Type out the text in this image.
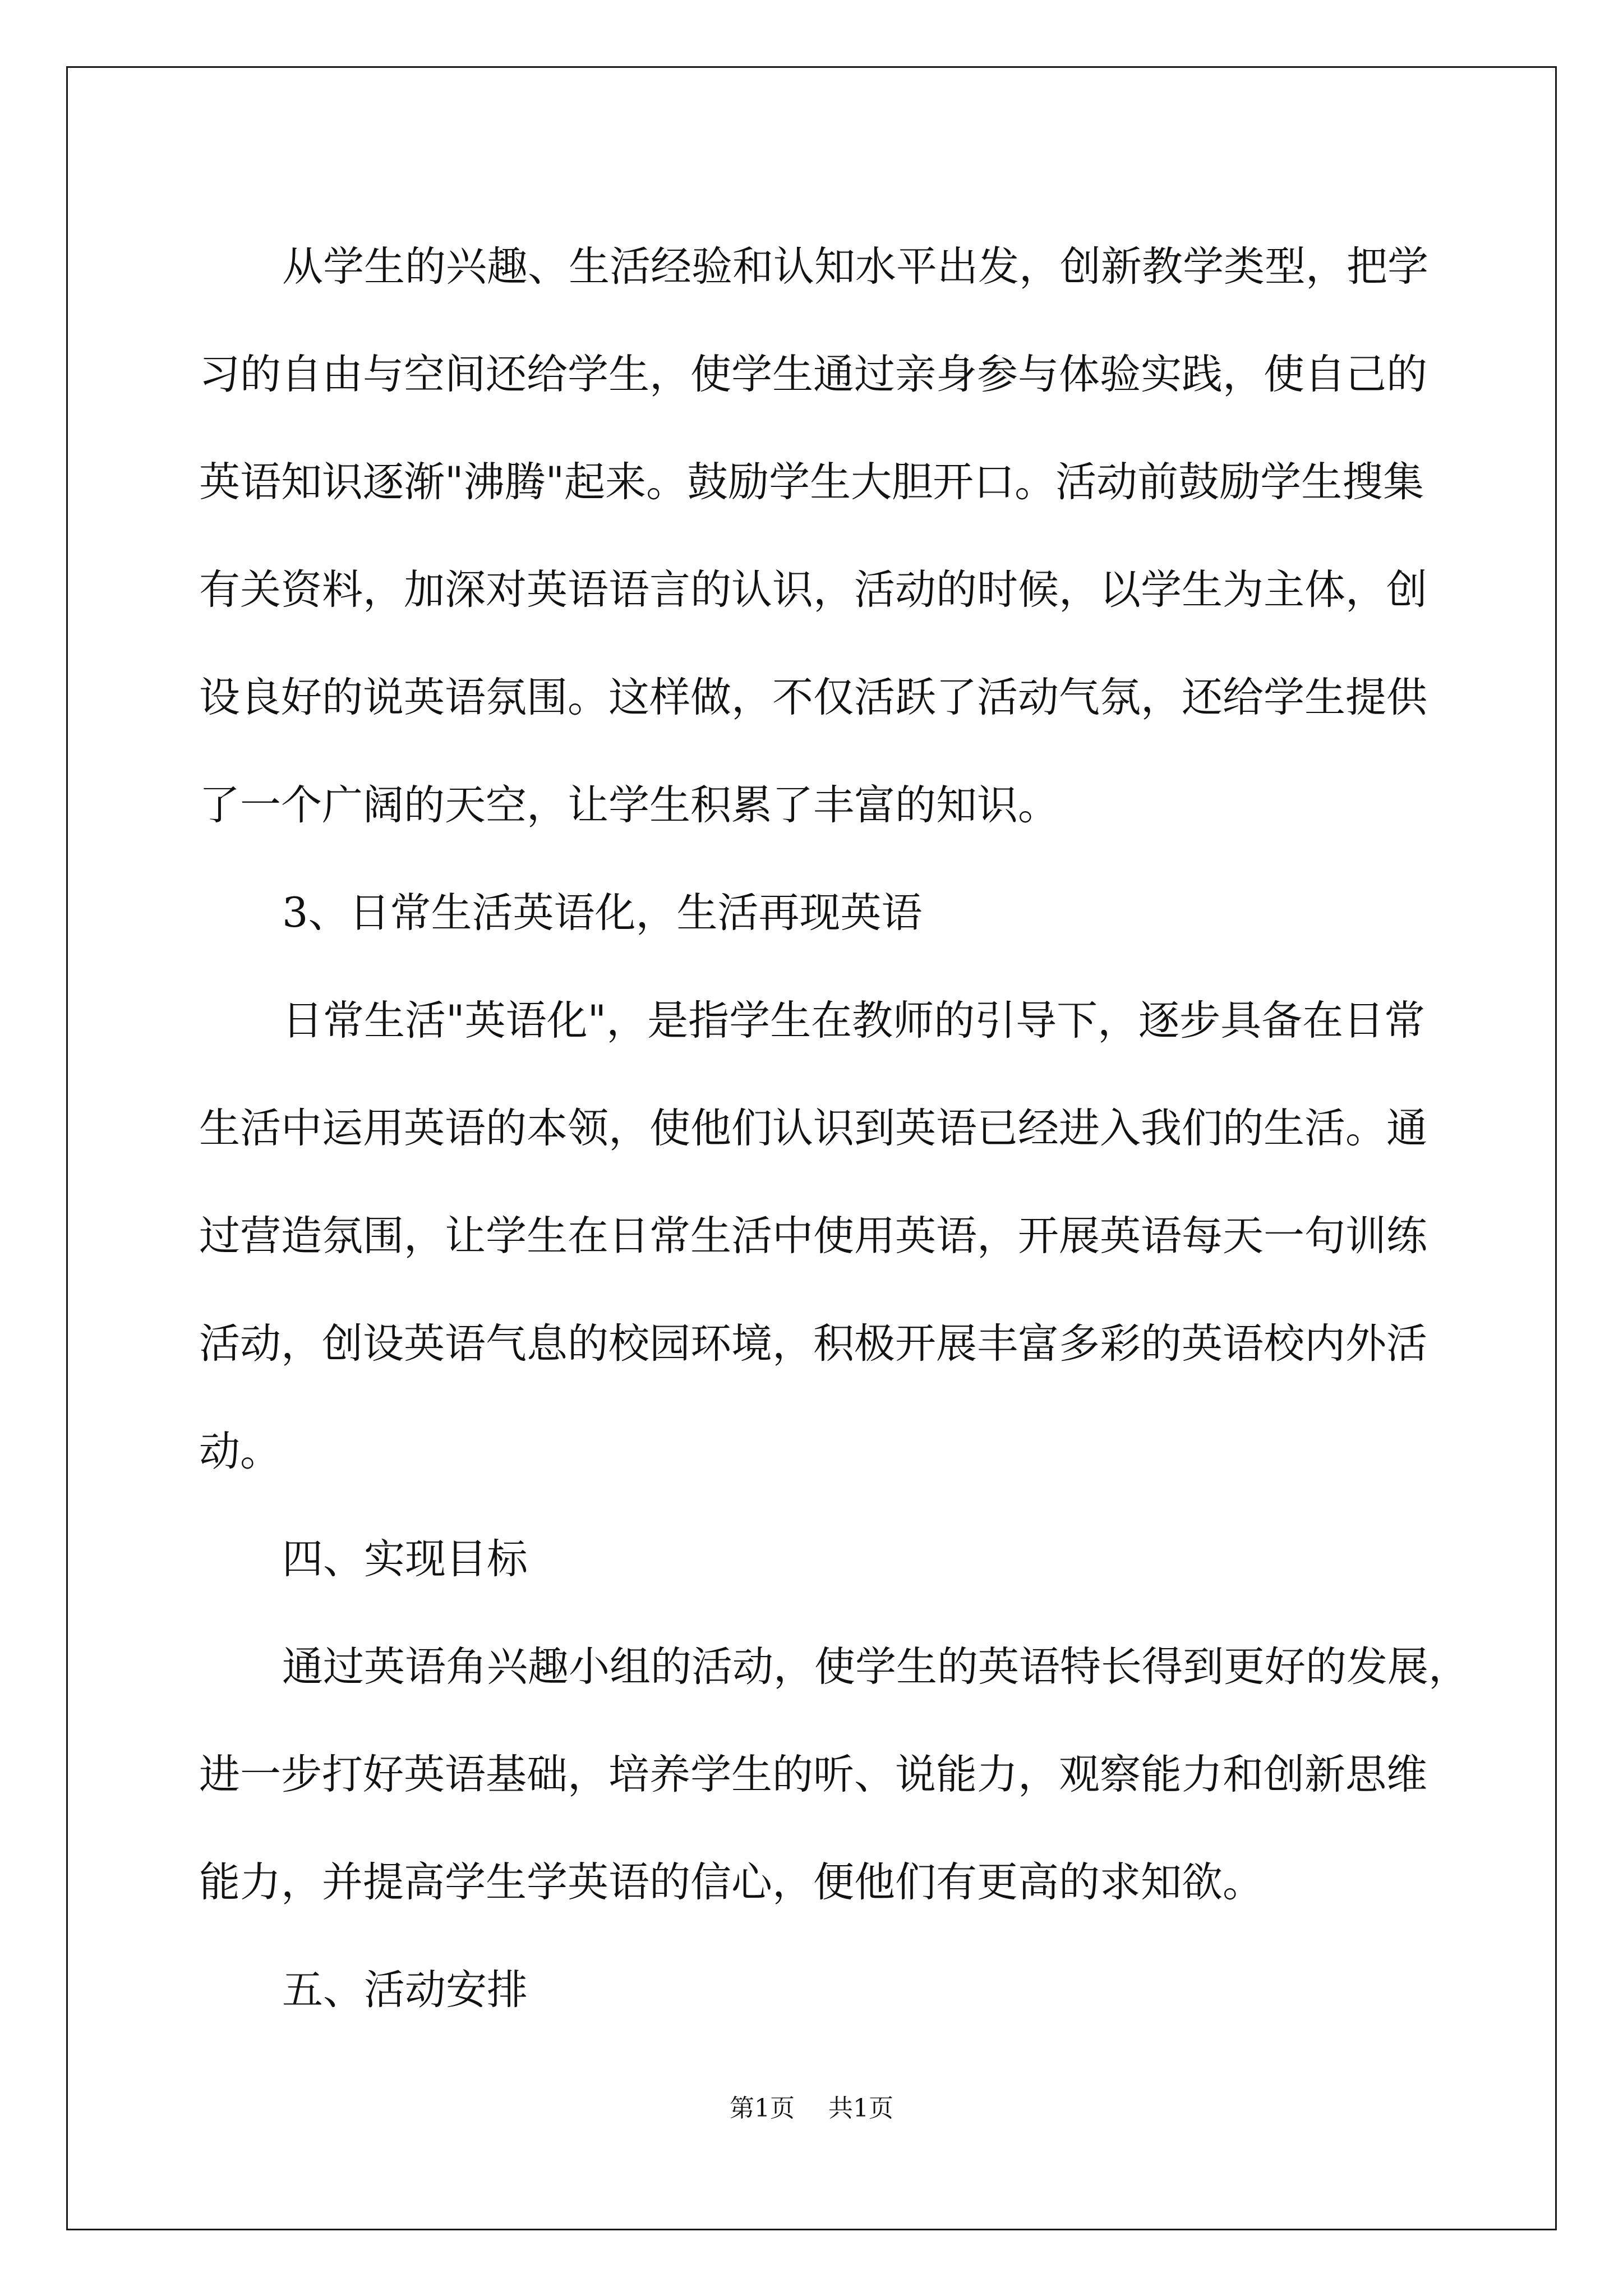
从学生的兴趣、生活经验和认知水平出发，创新教学类型，把学
习的自由与空间还给学生，使学生通过亲身参与体验实践，使自己的
英语知识逐渐"沸腾"起来。鼓励学生大胆开口。活动前鼓励学生搜集
有关资料，加深对英语语言的认识，活动的时候，以学生为主体，创
设良好的说英语氛围。这样做，不仅活跃了活动气氛，还给学生提供
了一个广阔的天空，让学生积累了丰富的知识。

3、日常生活英语化，生活再现英语

日常生活"英语化"，是指学生在教师的引导下，逐步具备在日常
生活中运用英语的本领，使他们认识到英语已经进入我们的生活。通
过营造氛围，让学生在日常生活中使用英语，开展英语每天一句训练
活动，创设英语气息的校园环境，积极开展丰富多彩的英语校内外活
动。

四、实现目标

通过英语角兴趣小组的活动，使学生的英语特长得到更好的发展，
进一步打好英语基础，培养学生的听、说能力，观察能力和创新思维
能力，并提高学生学英语的信心，便他们有更高的求知欲。

五、活动安排

第1页 共1页
